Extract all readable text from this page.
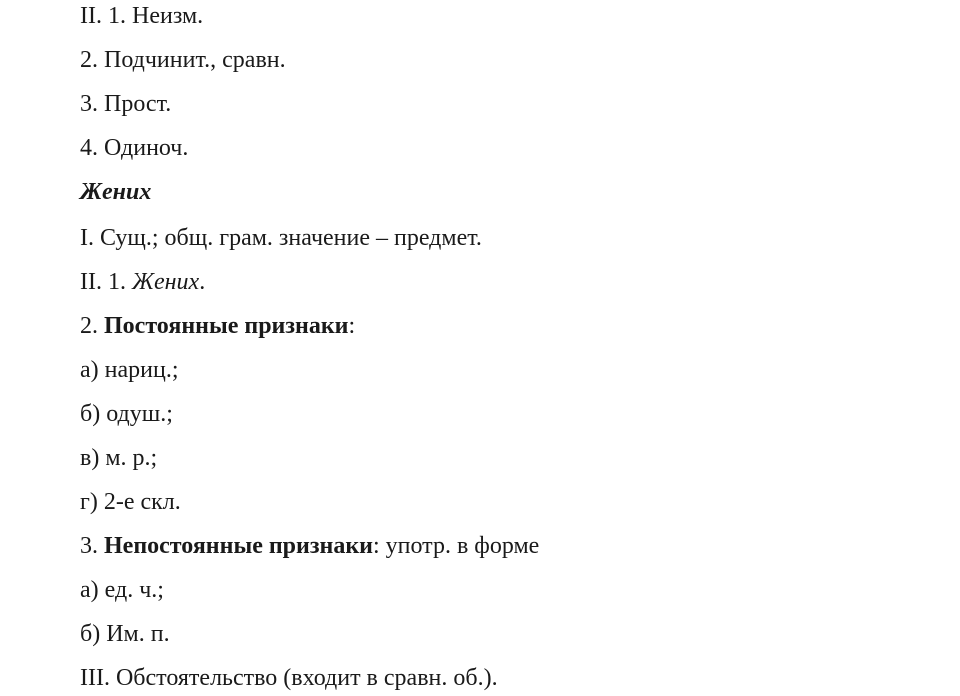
II. 1. Неизм.
2. Подчинит., сравн.
3. Прост.
4. Одиноч.
Жених
I. Сущ.; общ. грам. значение – предмет.
II. 1. Жених.
2. Постоянные признаки:
а) нариц.;
б) одуш.;
в) м. р.;
г) 2-е скл.
3. Непостоянные признаки: употр. в форме
а) ед. ч.;
б) Им. п.
III. Обстоятельство (входит в сравн. об.).
